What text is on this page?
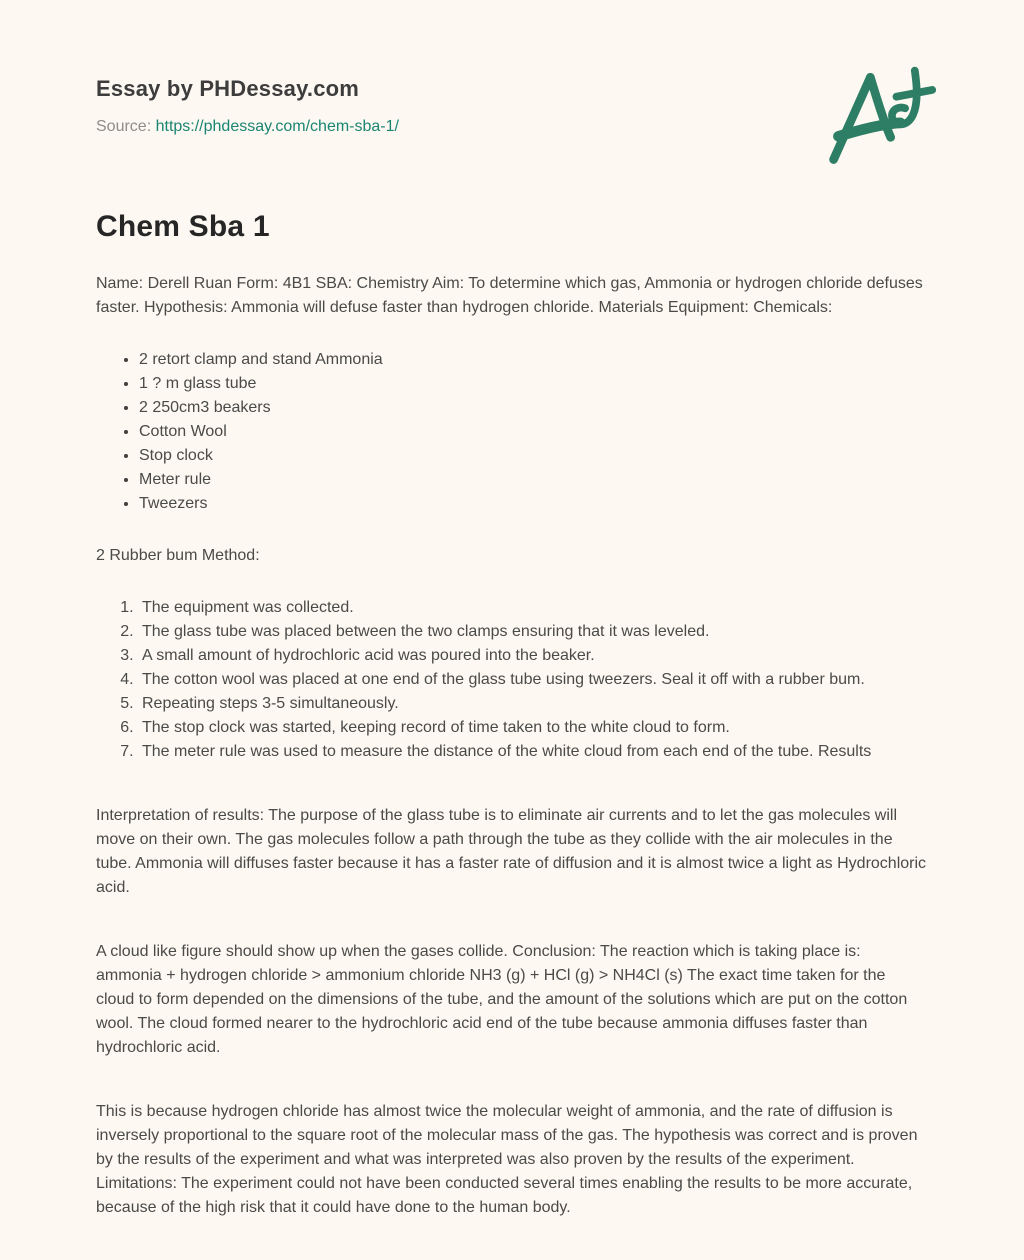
Essay by PHDessay.com

Source: https://phdessay.com/chem-sba-1/

Chem Sba 1

Name: Derell Ruan Form: 4B1 SBA: Chemistry Aim: To determine which gas, Ammonia or hydrogen chloride defuses faster. Hypothesis: Ammonia will defuse faster than hydrogen chloride. Materials Equipment: Chemicals:

• 2 retort clamp and stand Ammonia
• 1 ? m glass tube
• 2 250cm3 beakers
• Cotton Wool
• Stop clock
• Meter rule
• Tweezers

2 Rubber bum Method:

1. The equipment was collected.
2. The glass tube was placed between the two clamps ensuring that it was leveled.
3. A small amount of hydrochloric acid was poured into the beaker.
4. The cotton wool was placed at one end of the glass tube using tweezers. Seal it off with a rubber bum.
5. Repeating steps 3-5 simultaneously.
6. The stop clock was started, keeping record of time taken to the white cloud to form.
7. The meter rule was used to measure the distance of the white cloud from each end of the tube. Results

Interpretation of results: The purpose of the glass tube is to eliminate air currents and to let the gas molecules will move on their own. The gas molecules follow a path through the tube as they collide with the air molecules in the tube. Ammonia will diffuses faster because it has a faster rate of diffusion and it is almost twice a light as Hydrochloric acid.

A cloud like figure should show up when the gases collide. Conclusion: The reaction which is taking place is: ammonia + hydrogen chloride > ammonium chloride NH3 (g) + HCl (g) > NH4Cl (s) The exact time taken for the cloud to form depended on the dimensions of the tube, and the amount of the solutions which are put on the cotton wool. The cloud formed nearer to the hydrochloric acid end of the tube because ammonia diffuses faster than hydrochloric acid.

This is because hydrogen chloride has almost twice the molecular weight of ammonia, and the rate of diffusion is inversely proportional to the square root of the molecular mass of the gas. The hypothesis was correct and is proven by the results of the experiment and what was interpreted was also proven by the results of the experiment. Limitations: The experiment could not have been conducted several times enabling the results to be more accurate, because of the high risk that it could have done to the human body.
